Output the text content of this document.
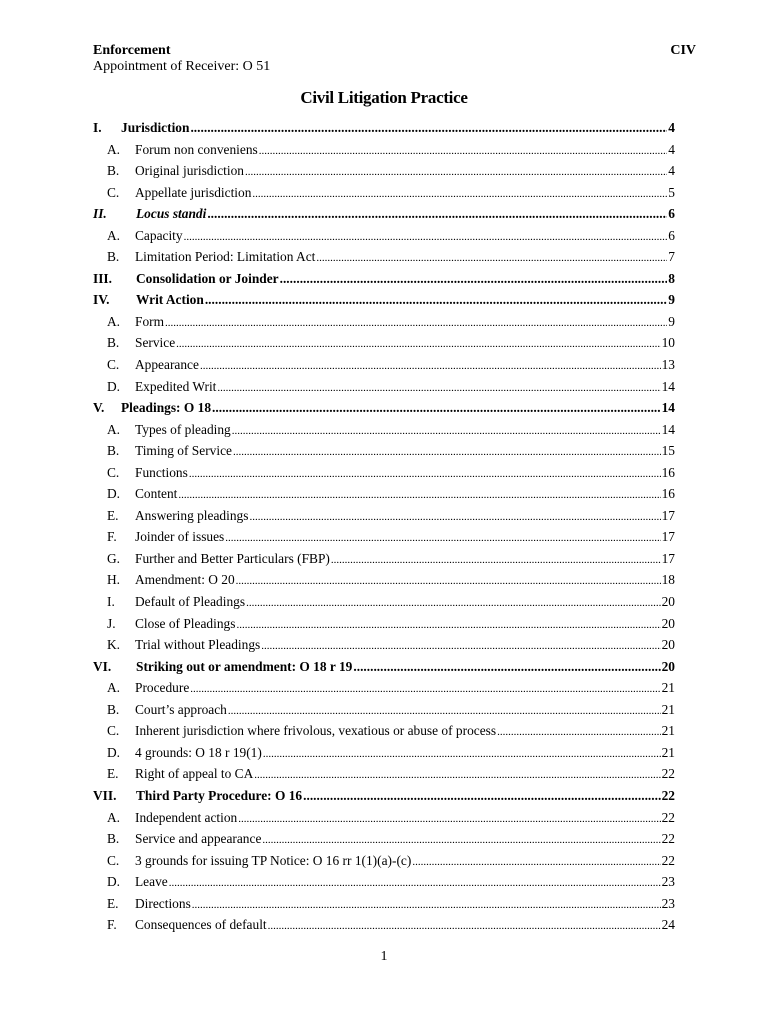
Enforcement
Appointment of Receiver: O 51
CIV
Civil Litigation Practice
I.	Jurisdiction .....	4
A.	Forum non conveniens .....	4
B.	Original jurisdiction .....	4
C.	Appellate jurisdiction .....	5
II.	Locus standi .....	6
A.	Capacity .....	6
B.	Limitation Period: Limitation Act .....	7
III.	Consolidation or Joinder .....	8
IV.	Writ Action .....	9
A.	Form .....	9
B.	Service .....	10
C.	Appearance .....	13
D.	Expedited Writ .....	14
V.	Pleadings: O 18 .....	14
A.	Types of pleading .....	14
B.	Timing of Service .....	15
C.	Functions .....	16
D.	Content .....	16
E.	Answering pleadings .....	17
F.	Joinder of issues .....	17
G.	Further and Better Particulars (FBP) .....	17
H.	Amendment: O 20 .....	18
I.	Default of Pleadings .....	20
J.	Close of Pleadings .....	20
K.	Trial without Pleadings .....	20
VI.	Striking out or amendment: O 18 r 19 .....	20
A.	Procedure .....	21
B.	Court’s approach .....	21
C.	Inherent jurisdiction where frivolous, vexatious or abuse of process .....	21
D.	4 grounds: O 18 r 19(1) .....	21
E.	Right of appeal to CA .....	22
VII.	Third Party Procedure: O 16 .....	22
A.	Independent action .....	22
B.	Service and appearance .....	22
C.	3 grounds for issuing TP Notice: O 16 rr 1(1)(a)-(c) .....	22
D.	Leave .....	23
E.	Directions .....	23
F.	Consequences of default .....	24
1
